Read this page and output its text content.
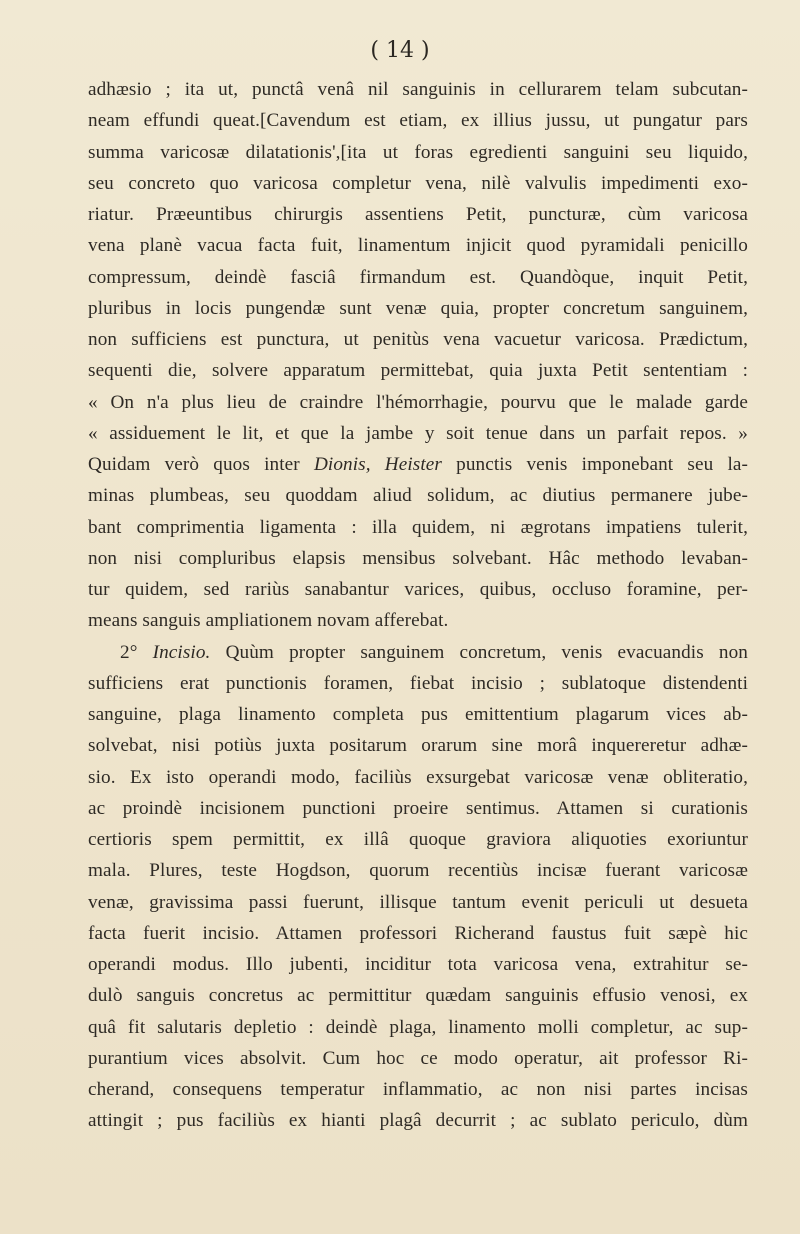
( 14 )
adhæsio ; ita ut, punctâ venâ nil sanguinis in cellurarem telam subcutan-
neam effundi queat.[Cavendum est etiam, ex illius jussu, ut pungatur pars
summa varicosæ dilatationis',[ita ut foras egredienti sanguini seu liquido,
seu concreto quo varicosa completur vena, nilè valvulis impedimenti exo-
riatur. Præeuntibus chirurgis assentiens Petit, puncturæ, cùm varicosa
vena planè vacua facta fuit, linamentum injicit quod pyramidali penicillo
compressum, deindè fasciâ firmandum est. Quandòque, inquit Petit,
pluribus in locis pungendæ sunt venæ quia, propter concretum sanguinem,
non sufficiens est punctura, ut penitùs vena vacuetur varicosa. Prædictum,
sequenti die, solvere apparatum permittebat, quia juxta Petit sententiam :
« On n'a plus lieu de craindre l'hémorrhagie, pourvu que le malade garde
« assiduement le lit, et que la jambe y soit tenue dans un parfait repos. »
Quidam verò quos inter Dionis, Heister punctis venis imponebant seu la-
minas plumbeas, seu quoddam aliud solidum, ac diutius permanere jube-
bant comprimentia ligamenta : illa quidem, ni ægrotans impatiens tulerit,
non nisi compluribus elapsis mensibus solvebant. Hâc methodo levaban-
tur quidem, sed rariùs sanabantur varices, quibus, occluso foramine, per-
means sanguis ampliationem novam afferebat.
2° Incisio. Quùm propter sanguinem concretum, venis evacuandis non
sufficiens erat punctionis foramen, fiebat incisio ; sublatoque distendenti
sanguine, plaga linamento completa pus emittentium plagarum vices ab-
solvebat, nisi potiùs juxta positarum orarum sine morâ inquereretur adhæ-
sio. Ex isto operandi modo, faciliùs exsurgebat varicosæ venæ obliteratio,
ac proindè incisionem punctioni proeire sentimus. Attamen si curationis
certioris spem permittit, ex illâ quoque graviora aliquoties exoriuntur
mala. Plures, teste Hogdson, quorum recentiùs incisæ fuerant varicosæ
venæ, gravissima passi fuerunt, illisque tantum evenit periculi ut desueta
facta fuerit incisio. Attamen professori Richerand faustus fuit sæpè hic
operandi modus. Illo jubenti, inciditur tota varicosa vena, extrahitur se-
dulò sanguis concretus ac permittitur quædam sanguinis effusio venosi, ex
quâ fit salutaris depletio : deindè plaga, linamento molli completur, ac sup-
purantium vices absolvit. Cum hoc ce modo operatur, ait professor Ri-
cherand, consequens temperatur inflammatio, ac non nisi partes incisas
attingit ; pus faciliùs ex hianti plagâ decurrit ; ac sublato periculo, dùm
